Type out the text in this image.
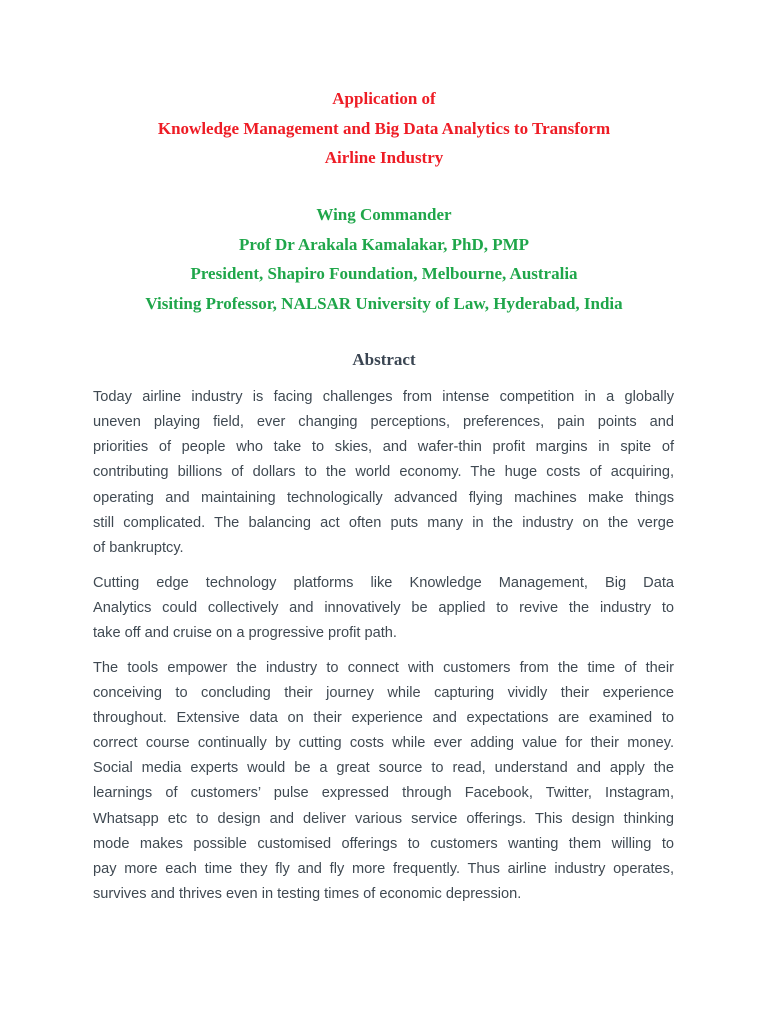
Application of
Knowledge Management and Big Data Analytics to Transform
Airline Industry
Wing Commander
Prof Dr Arakala Kamalakar, PhD, PMP
President, Shapiro Foundation, Melbourne, Australia
Visiting Professor, NALSAR University of Law, Hyderabad, India
Abstract
Today airline industry is facing challenges from intense competition in a globally
uneven playing field, ever changing perceptions, preferences, pain points and
priorities of people who take to skies, and wafer-thin profit margins in spite of
contributing billions of dollars to the world economy. The huge costs of acquiring,
operating and maintaining technologically advanced flying machines make things
still complicated. The balancing act often puts many in the industry on the verge
of bankruptcy.
Cutting edge technology platforms like Knowledge Management, Big Data
Analytics could collectively and innovatively be applied to revive the industry to
take off and cruise on a progressive profit path.
The tools empower the industry to connect with customers from the time of their
conceiving to concluding their journey while capturing vividly their experience
throughout. Extensive data on their experience and expectations are examined to
correct course continually by cutting costs while ever adding value for their money.
Social media experts would be a great source to read, understand and apply the
learnings of customers’ pulse expressed through Facebook, Twitter, Instagram,
Whatsapp etc to design and deliver various service offerings. This design thinking
mode makes possible customised offerings to customers wanting them willing to
pay more each time they fly and fly more frequently. Thus airline industry operates,
survives and thrives even in testing times of economic depression.
